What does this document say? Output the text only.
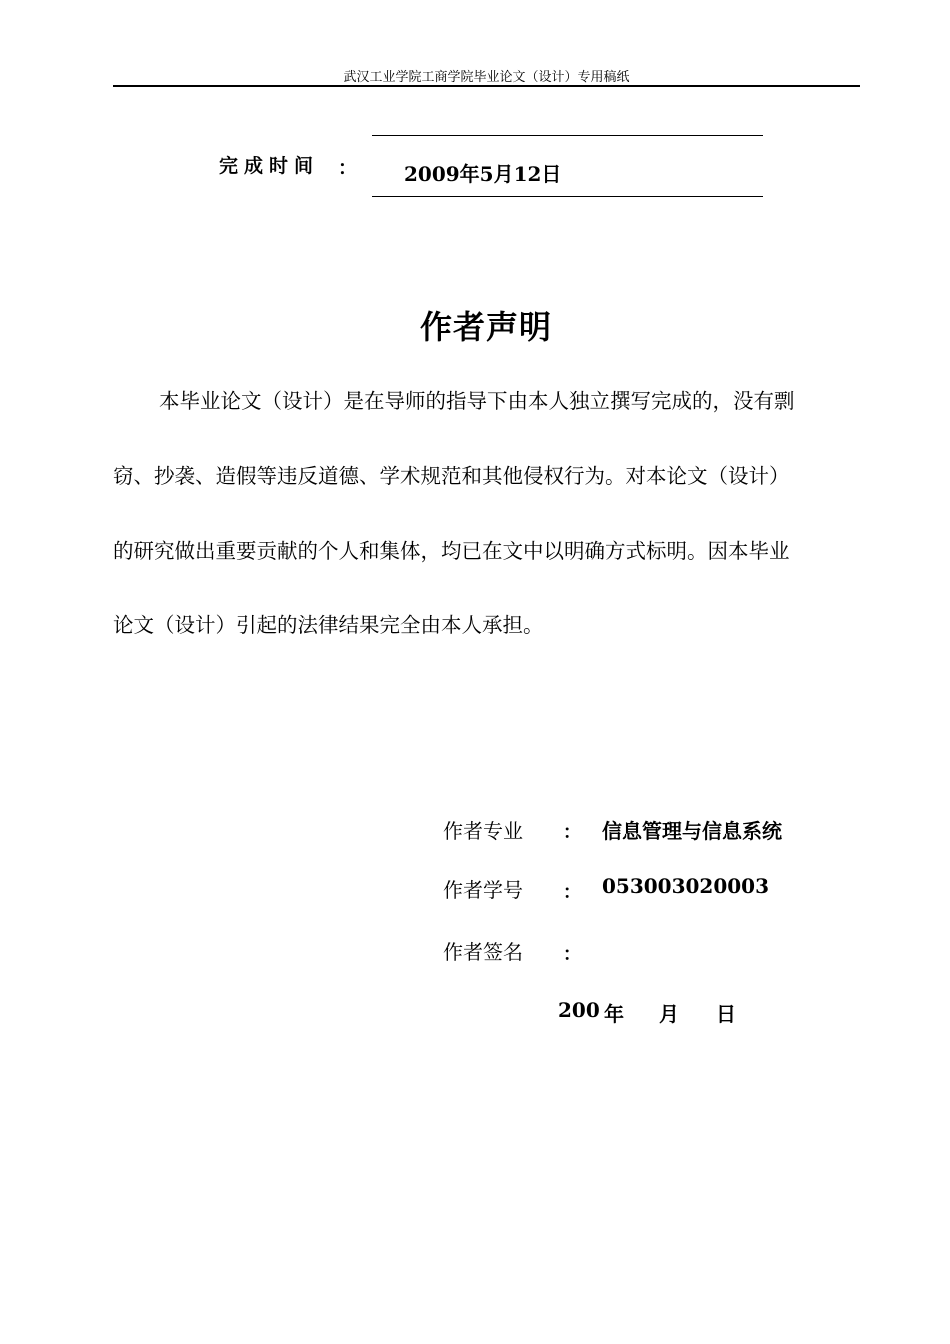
武汉工业学院工商学院毕业论文（设计）专用稿纸
完成时间 ： 2009年5月12日
作者声明
本毕业论文（设计）是在导师的指导下由本人独立撰写完成的，没有剽
窃、抄袭、造假等违反道德、学术规范和其他侵权行为。对本论文（设计）
的研究做出重要贡献的个人和集体，均已在文中以明确方式标明。因本毕业
论文（设计）引起的法律结果完全由本人承担。
作者专业 ： 信息管理与信息系统
作者学号 ： 053003020003
作者签名 ：
200 年 月 日
